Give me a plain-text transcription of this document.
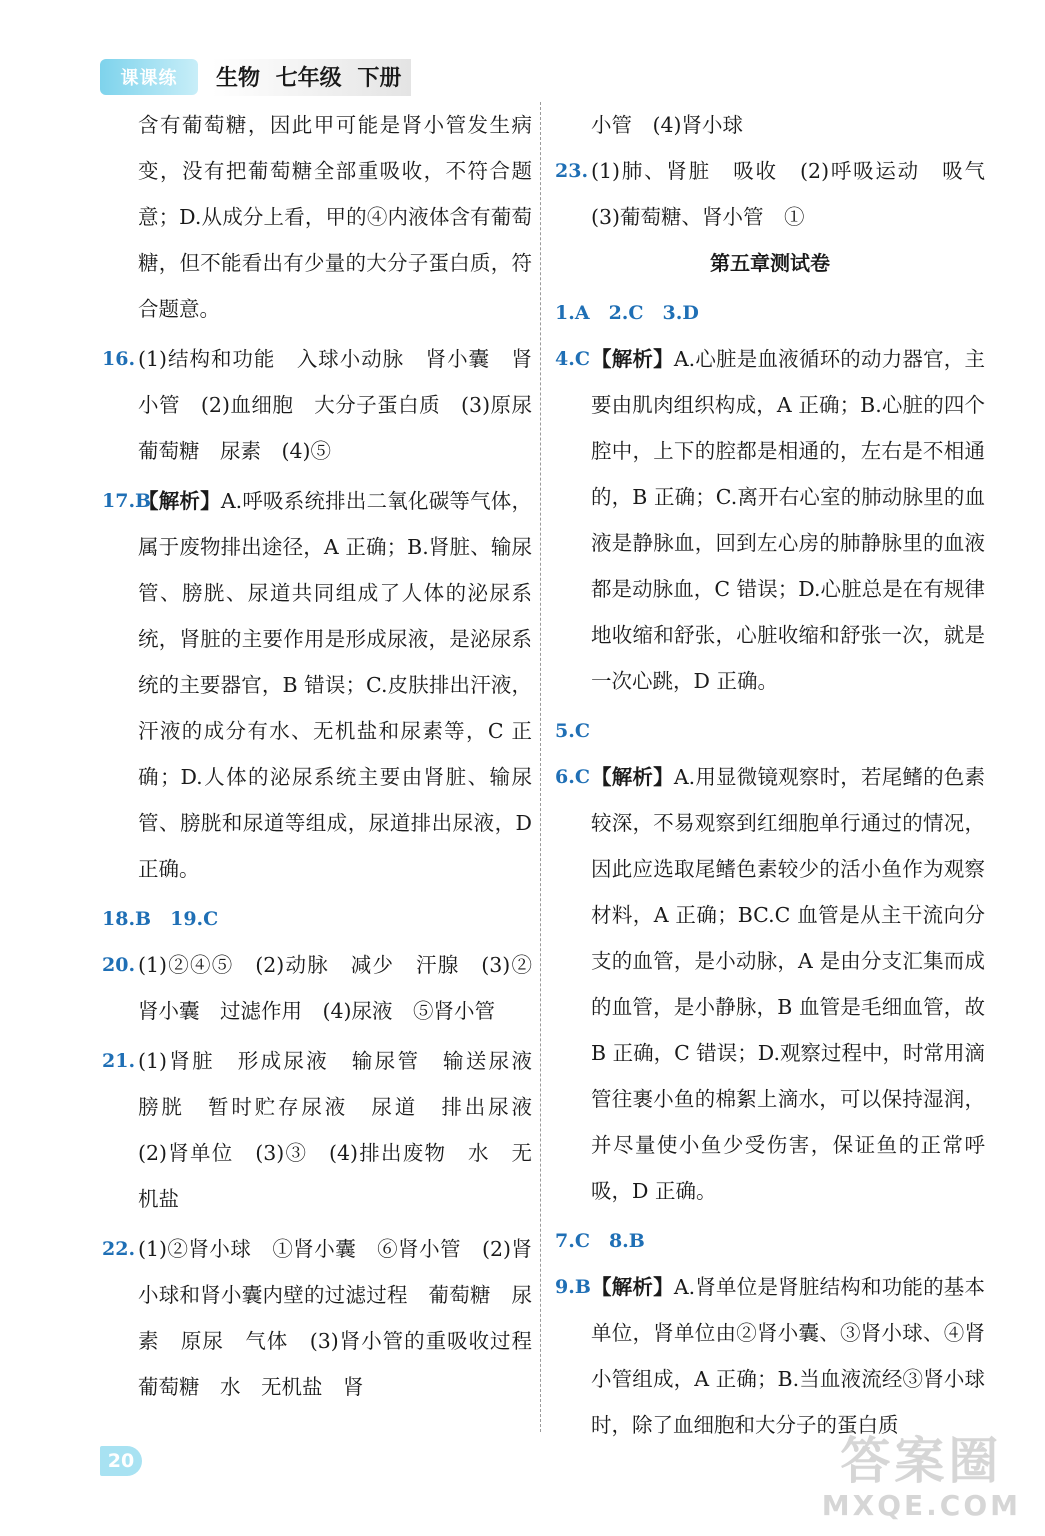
课课练	生物 七年级 下册
含有葡萄糖，因此甲可能是肾小管发生病变，没有把葡萄糖全部重吸收，不符合题意；D.从成分上看，甲的④内液体含有葡萄糖，但不能看出有少量的大分子蛋白质，符合题意。
16. (1)结构和功能　入球小动脉　肾小囊　肾小管　(2)血细胞　大分子蛋白质　(3)原尿　葡萄糖　尿素　(4)⑤
17.B
【解析】A.呼吸系统排出二氧化碳等气体，属于废物排出途径，A 正确；B.肾脏、输尿管、膀胱、尿道共同组成了人体的泌尿系统，肾脏的主要作用是形成尿液，是泌尿系统的主要器官，B 错误；C.皮肤排出汗液，汗液的成分有水、无机盐和尿素等，C 正确；D.人体的泌尿系统主要由肾脏、输尿管、膀胱和尿道等组成，尿道排出尿液，D 正确。
18.B　19.C
20. (1)②④⑤　(2)动脉　减少　汗腺　(3)②肾小囊　过滤作用　(4)尿液　⑤肾小管
21. (1)肾脏　形成尿液　输尿管　输送尿液　膀胱　暂时贮存尿液　尿道　排出尿液　(2)肾单位　(3)③　(4)排出废物　水　无机盐
22. (1)②肾小球　①肾小囊　⑥肾小管　(2)肾小球和肾小囊内壁的过滤过程　葡萄糖　尿素　原尿　气体　(3)肾小管的重吸收过程　葡萄糖　水　无机盐　肾
小管　(4)肾小球
23. (1)肺、肾脏　吸收　(2)呼吸运动　吸气　(3)葡萄糖、肾小管　①
第五章测试卷
1.A　2.C　3.D
4.C 【解析】A.心脏是血液循环的动力器官，主要由肌肉组织构成，A 正确；B.心脏的四个腔中，上下的腔都是相通的，左右是不相通的，B 正确；C.离开右心室的肺动脉里的血液是静脉血，回到左心房的肺静脉里的血液都是动脉血，C 错误；D.心脏总是在有规律地收缩和舒张，心脏收缩和舒张一次，就是一次心跳，D 正确。
5.C
6.C 【解析】A.用显微镜观察时，若尾鳍的色素较深，不易观察到红细胞单行通过的情况，因此应选取尾鳍色素较少的活小鱼作为观察材料，A 正确；BC.C 血管是从主干流向分支的血管，是小动脉，A 是由分支汇集而成的血管，是小静脉，B 血管是毛细血管，故 B 正确，C 错误；D.观察过程中，时常用滴管往裹小鱼的棉絮上滴水，可以保持湿润，并尽量使小鱼少受伤害，保证鱼的正常呼吸，D 正确。
7.C　8.B
9.B 【解析】A.肾单位是肾脏结构和功能的基本单位，肾单位由②肾小囊、③肾小球、④肾小管组成，A 正确；B.当血液流经③肾小球时，除了血细胞和大分子的蛋白质
20	答案圈
MXQE.COM
